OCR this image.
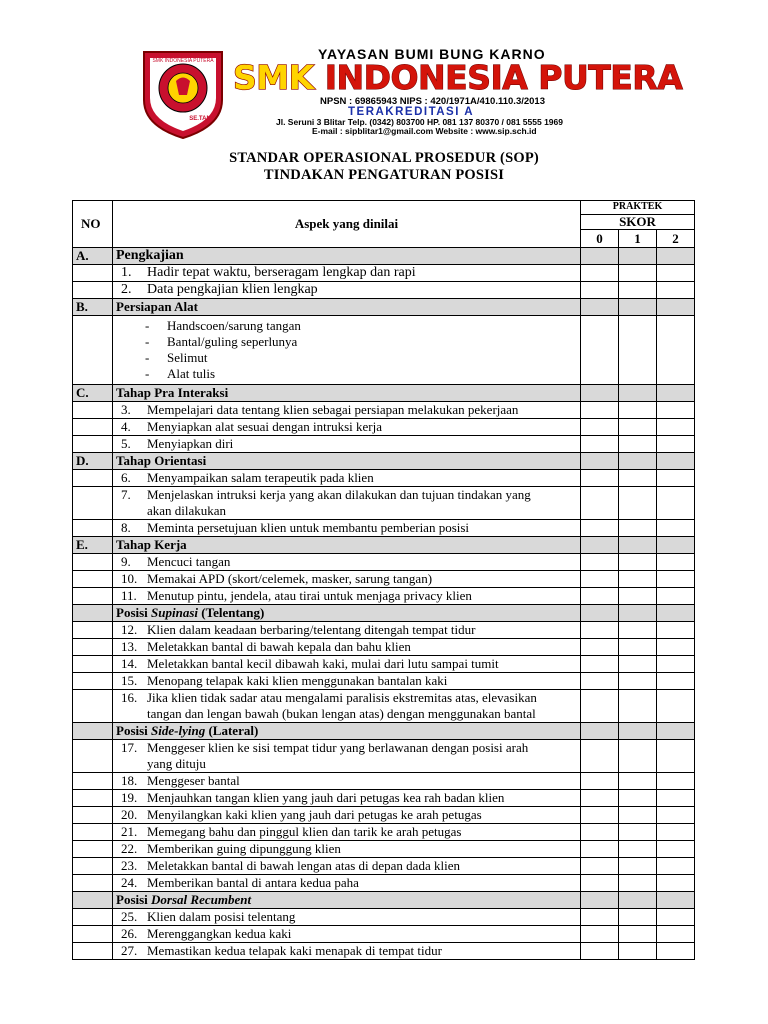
SMK INDONESIA PUTERA
SE.TAN
YAYASAN BUMI BUNG KARNO
SMK INDONESIA PUTERA
NPSN : 69865943 NIPS : 420/1971A/410.110.3/2013
TERAKREDITASI A
Jl. Seruni 3 Blitar Telp. (0342) 803700 HP. 081 137 80370 / 081 5555 1969
E-mail : sipblitar1@gmail.com Website : www.sip.sch.id
STANDAR OPERASIONAL PROSEDUR (SOP)
TINDAKAN PENGATURAN POSISI
NO	Aspek yang dinilai	PRAKTEK		
		SKOR		
		0	1	2
A.	Pengkajian			
	1. Hadir tepat waktu, berseragam lengkap dan rapi			
	2. Data pengkajian klien lengkap			
B.	Persiapan Alat			

	- Handscoen/sarung tangan
- Bantal/guling seperlunya
- Selimut
- Alat tulis			

C.	Tahap Pra Interaksi			
	3. Mempelajari data tentang klien sebagai persiapan melakukan pekerjaan			
	4. Menyiapkan alat sesuai dengan intruksi kerja			
	5. Menyiapkan diri			
D.	Tahap Orientasi			
	6. Menyampaikan salam terapeutik pada klien			
	7. Menjelaskan intruksi kerja yang akan dilakukan dan tujuan tindakan yang
akan dilakukan			

	8. Meminta persetujuan klien untuk membantu pemberian posisi			
E.	Tahap Kerja			
	9. Mencuci tangan			
	10. Memakai APD (skort/celemek, masker, sarung tangan)			
	11. Menutup pintu, jendela, atau tirai untuk menjaga privacy klien			
	Posisi Supinasi (Telentang)			
	12. Klien dalam keadaan berbaring/telentang ditengah tempat tidur			
	13. Meletakkan bantal di bawah kepala dan bahu klien			
	14. Meletakkan bantal kecil dibawah kaki, mulai dari lutu sampai tumit			
	15. Menopang telapak kaki klien menggunakan bantalan kaki			
	16. Jika klien tidak sadar atau mengalami paralisis ekstremitas atas, elevasikan
tangan dan lengan bawah (bukan lengan atas) dengan menggunakan bantal			

	Posisi Side-lying (Lateral)			
	17. Menggeser klien ke sisi tempat tidur yang berlawanan dengan posisi arah
yang dituju			

	18. Menggeser bantal			
	19. Menjauhkan tangan klien yang jauh dari petugas kea rah badan klien			
	20. Menyilangkan kaki klien yang jauh dari petugas ke arah petugas			
	21. Memegang bahu dan pinggul klien dan tarik ke arah petugas			
	22. Memberikan guing dipunggung klien			
	23. Meletakkan bantal di bawah lengan atas di depan dada klien			
	24. Memberikan bantal di antara kedua paha			
	Posisi Dorsal Recumbent			
	25. Klien dalam posisi telentang			
	26. Merenggangkan kedua kaki			
	27. Memastikan kedua telapak kaki menapak di tempat tidur			
